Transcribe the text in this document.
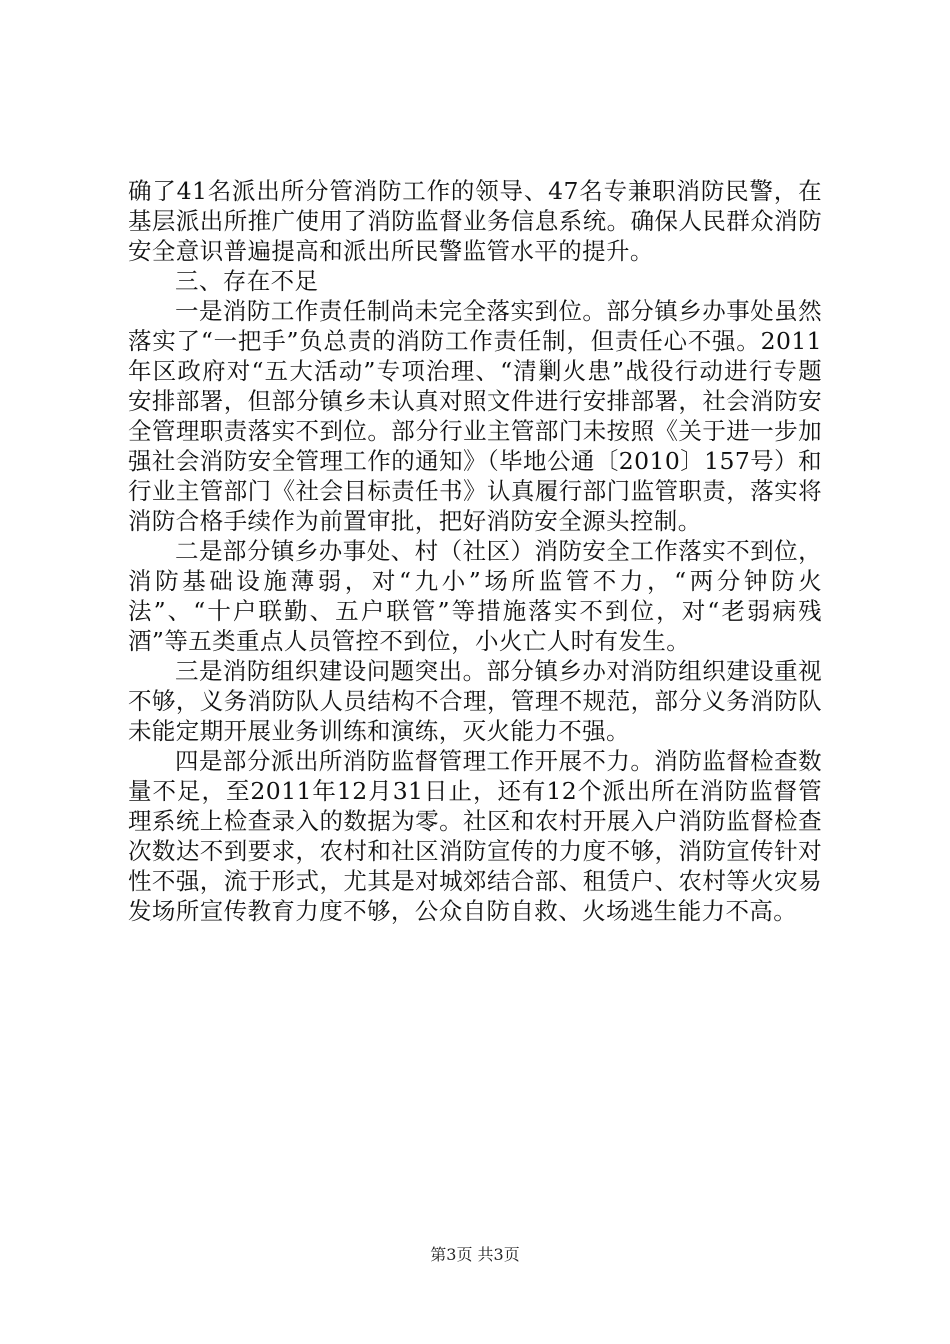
确了41名派出所分管消防工作的领导、47名专兼职消防民警，在基层派出所推广使用了消防监督业务信息系统。确保人民群众消防安全意识普遍提高和派出所民警监管水平的提升。

三、存在不足

一是消防工作责任制尚未完全落实到位。部分镇乡办事处虽然落实了“一把手”负总责的消防工作责任制，但责任心不强。2011年区政府对“五大活动”专项治理、“清剿火患”战役行动进行专题安排部署，但部分镇乡未认真对照文件进行安排部署，社会消防安全管理职责落实不到位。部分行业主管部门未按照《关于进一步加强社会消防安全管理工作的通知》（毕地公通〔2010〕157号）和行业主管部门《社会目标责任书》认真履行部门监管职责，落实将消防合格手续作为前置审批，把好消防安全源头控制。

二是部分镇乡办事处、村（社区）消防安全工作落实不到位，消防基础设施薄弱，对“九小”场所监管不力，“两分钟防火法”、“十户联勤、五户联管”等措施落实不到位，对“老弱病残酒”等五类重点人员管控不到位，小火亡人时有发生。

三是消防组织建设问题突出。部分镇乡办对消防组织建设重视不够，义务消防队人员结构不合理，管理不规范，部分义务消防队未能定期开展业务训练和演练，灭火能力不强。

四是部分派出所消防监督管理工作开展不力。消防监督检查数量不足，至2011年12月31日止，还有12个派出所在消防监督管理系统上检查录入的数据为零。社区和农村开展入户消防监督检查次数达不到要求，农村和社区消防宣传的力度不够，消防宣传针对性不强，流于形式，尤其是对城郊结合部、租赁户、农村等火灾易发场所宣传教育力度不够，公众自防自救、火场逃生能力不高。

第3页 共3页
